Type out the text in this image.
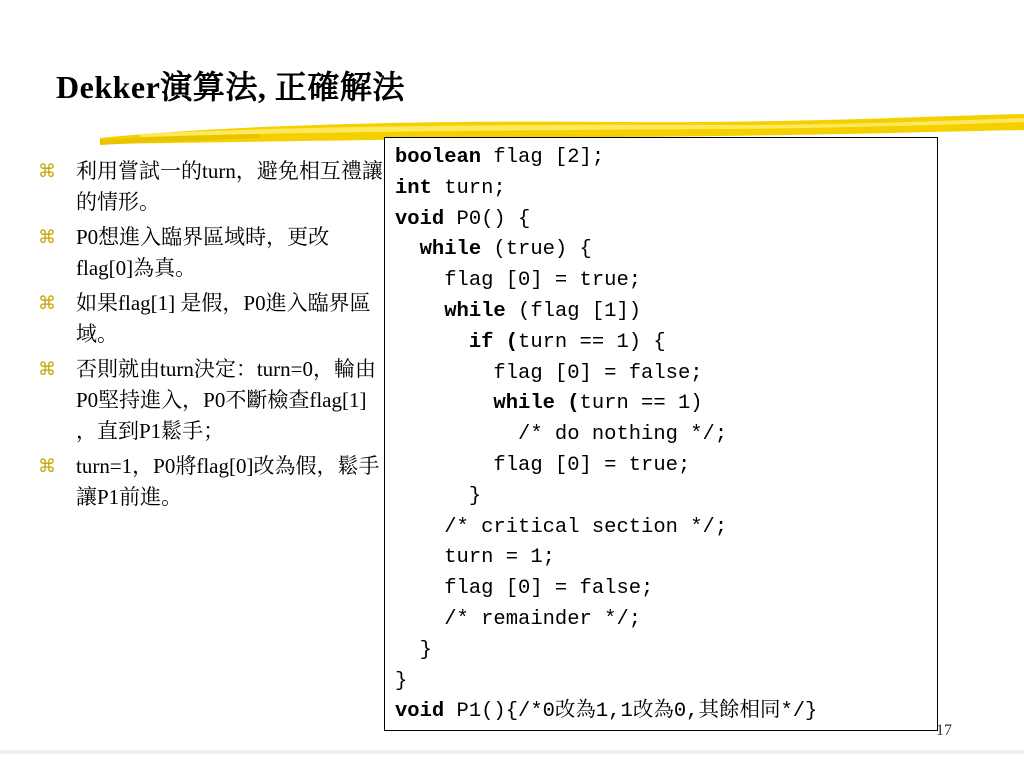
Dekker演算法, 正確解法
⌘ 利用嘗試一的turn，避免相互禮讓的情形。
⌘ P0想進入臨界區域時，更改flag[0]為真。
⌘ 如果flag[1] 是假，P0進入臨界區域。
⌘ 否則就由turn決定：turn=0，輪由P0堅持進入，P0不斷檢查flag[1] ，直到P1鬆手；
⌘ turn=1，P0將flag[0]改為假，鬆手讓P1前進。
boolean flag [2];
int turn;
void P0() {
while (true) {
flag [0] = true;
while (flag [1])
if (turn == 1) {
flag [0] = false;
while (turn == 1)
/* do nothing */;
flag [0] = true;
}
/* critical section */;
turn = 1;
flag [0] = false;
/* remainder */;
}
}
void P1(){/*0改為1,1改為0,其餘相同*/}
17
